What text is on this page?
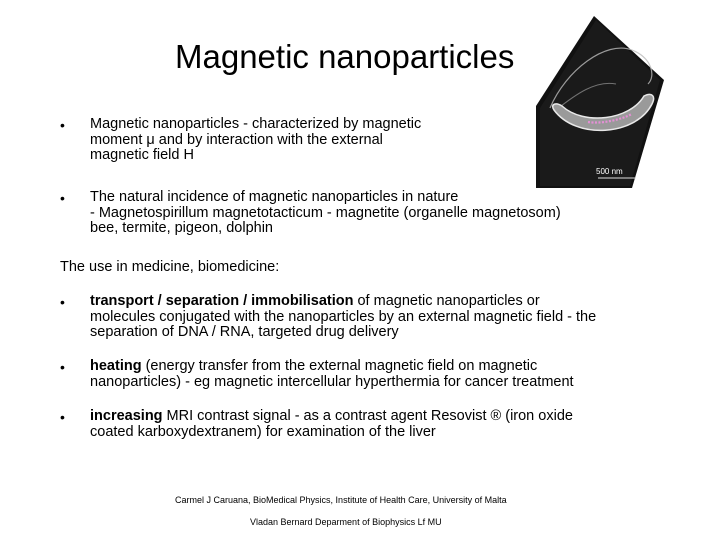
500 nm
Magnetic nanoparticles
• Magnetic nanoparticles - characterized by magnetic
moment μ and by interaction with the external
magnetic field H
• The natural incidence of magnetic nanoparticles in nature
- Magnetospirillum magnetotacticum - magnetite (organelle magnetosom)
bee, termite, pigeon, dolphin
The use in medicine, biomedicine:
• transport / separation / immobilisation of magnetic nanoparticles or
molecules conjugated with the nanoparticles by an external magnetic field - the
separation of DNA / RNA, targeted drug delivery
• heating (energy transfer from the external magnetic field on magnetic
nanoparticles) - eg magnetic intercellular hyperthermia for cancer treatment
• increasing MRI contrast signal - as a contrast agent Resovist ® (iron oxide
coated karboxydextranem) for examination of the liver
Carmel J Caruana, BioMedical Physics, Institute of Health Care, University of Malta
Vladan Bernard Deparment of Biophysics Lf MU
